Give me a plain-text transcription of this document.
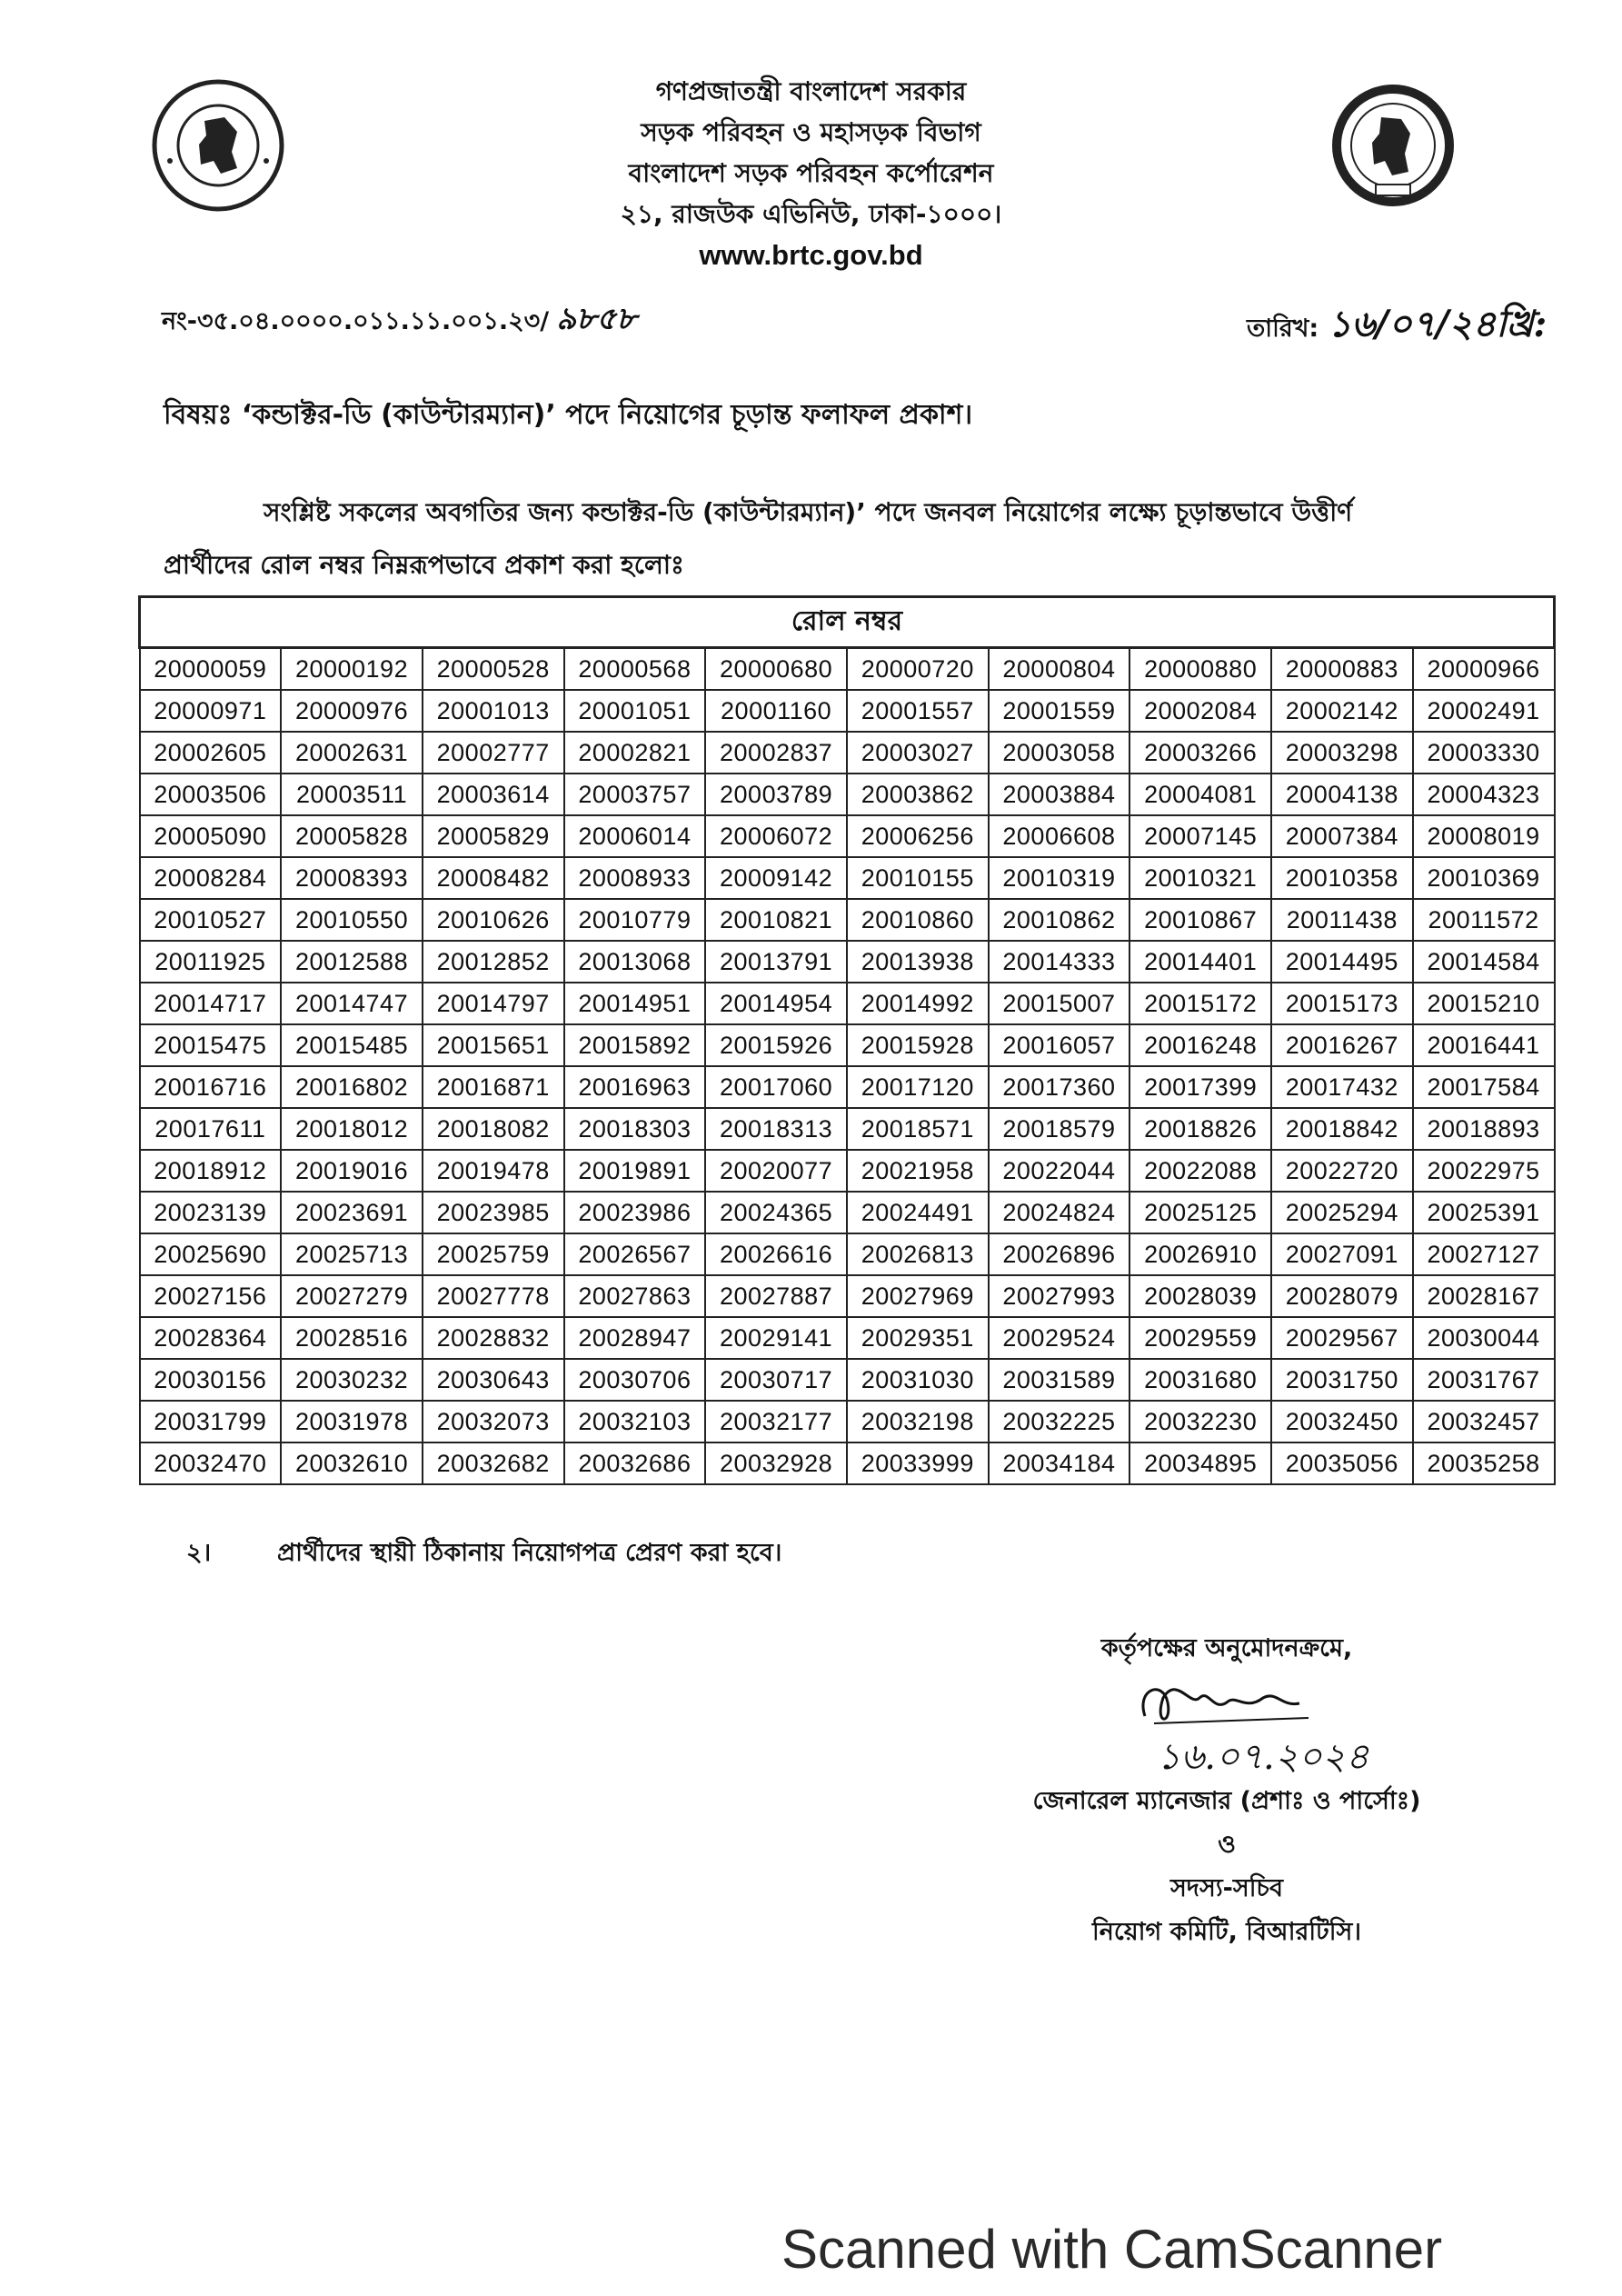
গণপ্রজাতন্ত্রী বাংলাদেশ সরকার
সড়ক পরিবহন ও মহাসড়ক বিভাগ
বাংলাদেশ সড়ক পরিবহন কর্পোরেশন
২১, রাজউক এভিনিউ, ঢাকা-১০০০।
www.brtc.gov.bd
নং-৩৫.০৪.০০০০.০১১.১১.০০১.২৩/ ৯৮৫৮	তারিখ: ১৬/০৭/২৪খ্রি:
বিষয়ঃ ‘কন্ডাক্টর-ডি (কাউন্টারম্যান)’ পদে নিয়োগের চূড়ান্ত ফলাফল প্রকাশ।
সংশ্লিষ্ট সকলের অবগতির জন্য কন্ডাক্টর-ডি (কাউন্টারম্যান)’ পদে জনবল নিয়োগের লক্ষ্যে চূড়ান্তভাবে উত্তীর্ণ
প্রার্থীদের রোল নম্বর নিম্নরূপভাবে প্রকাশ করা হলোঃ
রোল নম্বর									
20000059	20000192	20000528	20000568	20000680	20000720	20000804	20000880	20000883	20000966
20000971	20000976	20001013	20001051	20001160	20001557	20001559	20002084	20002142	20002491
20002605	20002631	20002777	20002821	20002837	20003027	20003058	20003266	20003298	20003330
20003506	20003511	20003614	20003757	20003789	20003862	20003884	20004081	20004138	20004323
20005090	20005828	20005829	20006014	20006072	20006256	20006608	20007145	20007384	20008019
20008284	20008393	20008482	20008933	20009142	20010155	20010319	20010321	20010358	20010369
20010527	20010550	20010626	20010779	20010821	20010860	20010862	20010867	20011438	20011572
20011925	20012588	20012852	20013068	20013791	20013938	20014333	20014401	20014495	20014584
20014717	20014747	20014797	20014951	20014954	20014992	20015007	20015172	20015173	20015210
20015475	20015485	20015651	20015892	20015926	20015928	20016057	20016248	20016267	20016441
20016716	20016802	20016871	20016963	20017060	20017120	20017360	20017399	20017432	20017584
20017611	20018012	20018082	20018303	20018313	20018571	20018579	20018826	20018842	20018893
20018912	20019016	20019478	20019891	20020077	20021958	20022044	20022088	20022720	20022975
20023139	20023691	20023985	20023986	20024365	20024491	20024824	20025125	20025294	20025391
20025690	20025713	20025759	20026567	20026616	20026813	20026896	20026910	20027091	20027127
20027156	20027279	20027778	20027863	20027887	20027969	20027993	20028039	20028079	20028167
20028364	20028516	20028832	20028947	20029141	20029351	20029524	20029559	20029567	20030044
20030156	20030232	20030643	20030706	20030717	20031030	20031589	20031680	20031750	20031767
20031799	20031978	20032073	20032103	20032177	20032198	20032225	20032230	20032450	20032457
20032470	20032610	20032682	20032686	20032928	20033999	20034184	20034895	20035056	20035258
২।	প্রার্থীদের স্থায়ী ঠিকানায় নিয়োগপত্র প্রেরণ করা হবে।
কর্তৃপক্ষের অনুমোদনক্রমে,
১৬.০৭.২০২৪
জেনারেল ম্যানেজার (প্রশাঃ ও পার্সোঃ)
ও
সদস্য-সচিব
নিয়োগ কমিটি, বিআরটিসি।
Scanned with CamScanner
